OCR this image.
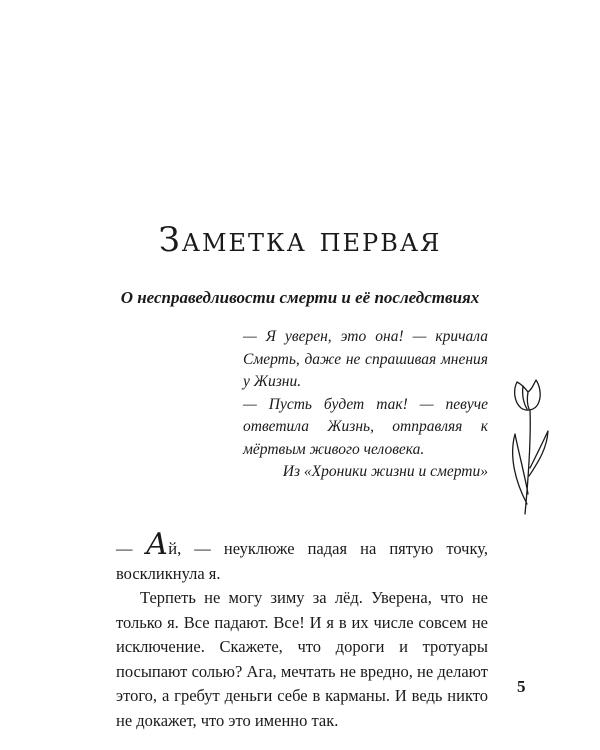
Заметка первая
О несправедливости смерти и её последствиях

— Я уверен, это она! — кричала Смерть, даже не спрашивая мнения у Жизни.

— Пусть будет так! — певуче ответила Жизнь, отправляя к мёртвым живого человека.

Из «Хроники жизни и смерти»

— Ай, — неуклюже падая на пятую точку, воскликнула я.

Терпеть не могу зиму за лёд. Уверена, что не только я. Все падают. Все! И я в их числе совсем не исключение. Скажете, что дороги и тротуары посыпают солью? Ага, мечтать не вредно, не делают этого, а гребут деньги себе в карманы. И ведь никто не докажет, что это именно так.

5
